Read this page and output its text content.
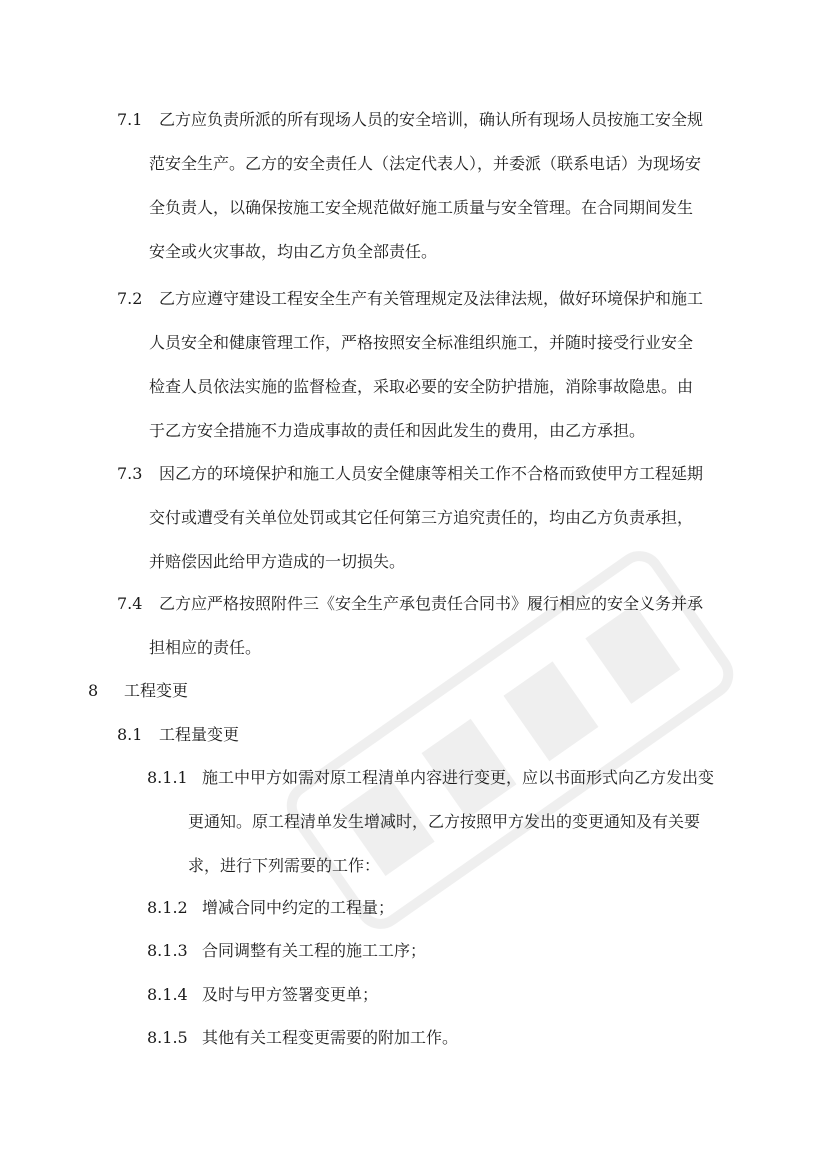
7.1 乙方应负责所派的所有现场人员的安全培训，确认所有现场人员按施工安全规
范安全生产。乙方的安全责任人（法定代表人），并委派（联系电话）为现场安
全负责人，以确保按施工安全规范做好施工质量与安全管理。在合同期间发生
安全或火灾事故，均由乙方负全部责任。
7.2 乙方应遵守建设工程安全生产有关管理规定及法律法规，做好环境保护和施工
人员安全和健康管理工作，严格按照安全标准组织施工，并随时接受行业安全
检查人员依法实施的监督检查，采取必要的安全防护措施，消除事故隐患。由
于乙方安全措施不力造成事故的责任和因此发生的费用，由乙方承担。
7.3 因乙方的环境保护和施工人员安全健康等相关工作不合格而致使甲方工程延期
交付或遭受有关单位处罚或其它任何第三方追究责任的，均由乙方负责承担，
并赔偿因此给甲方造成的一切损失。
7.4 乙方应严格按照附件三《安全生产承包责任合同书》履行相应的安全义务并承
担相应的责任。
8 工程变更
8.1 工程量变更
8.1.1 施工中甲方如需对原工程清单内容进行变更，应以书面形式向乙方发出变
更通知。原工程清单发生增减时，乙方按照甲方发出的变更通知及有关要
求，进行下列需要的工作：
8.1.2 增减合同中约定的工程量；
8.1.3 合同调整有关工程的施工工序；
8.1.4 及时与甲方签署变更单；
8.1.5 其他有关工程变更需要的附加工作。
